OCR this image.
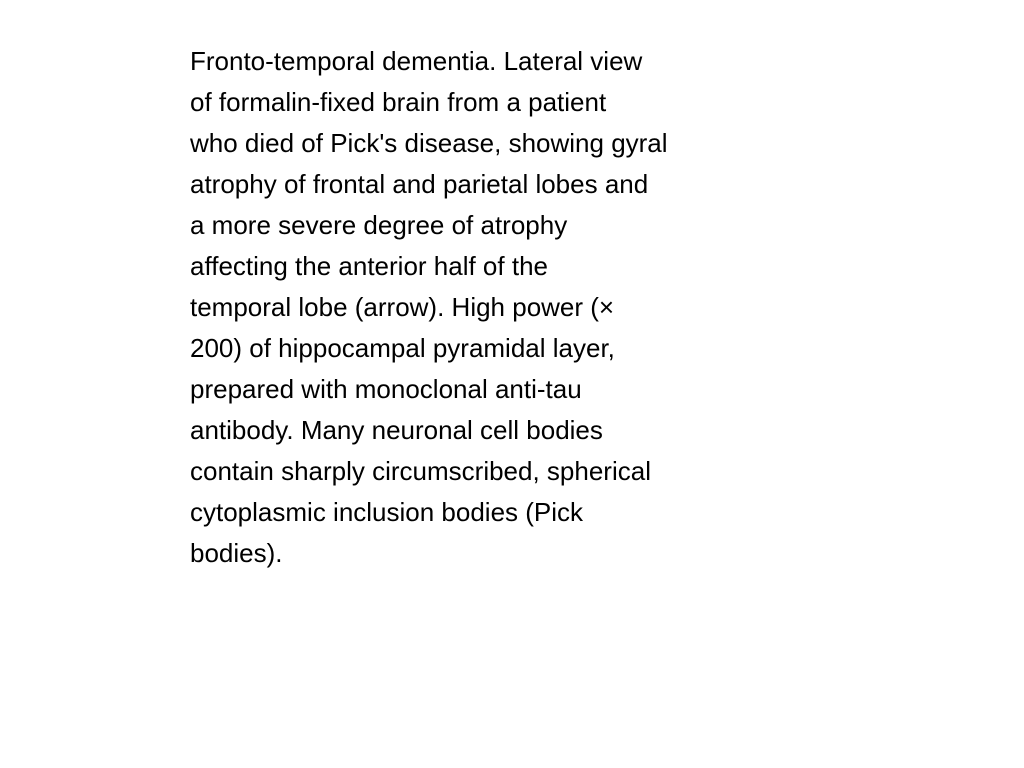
Fronto-temporal dementia. Lateral view
of formalin-fixed brain from a patient
who died of Pick's disease, showing gyral
atrophy of frontal and parietal lobes and
a more severe degree of atrophy
affecting the anterior half of the
temporal lobe (arrow). High power (×
200) of hippocampal pyramidal layer,
prepared with monoclonal anti-tau
antibody. Many neuronal cell bodies
contain sharply circumscribed, spherical
cytoplasmic inclusion bodies (Pick
bodies).
